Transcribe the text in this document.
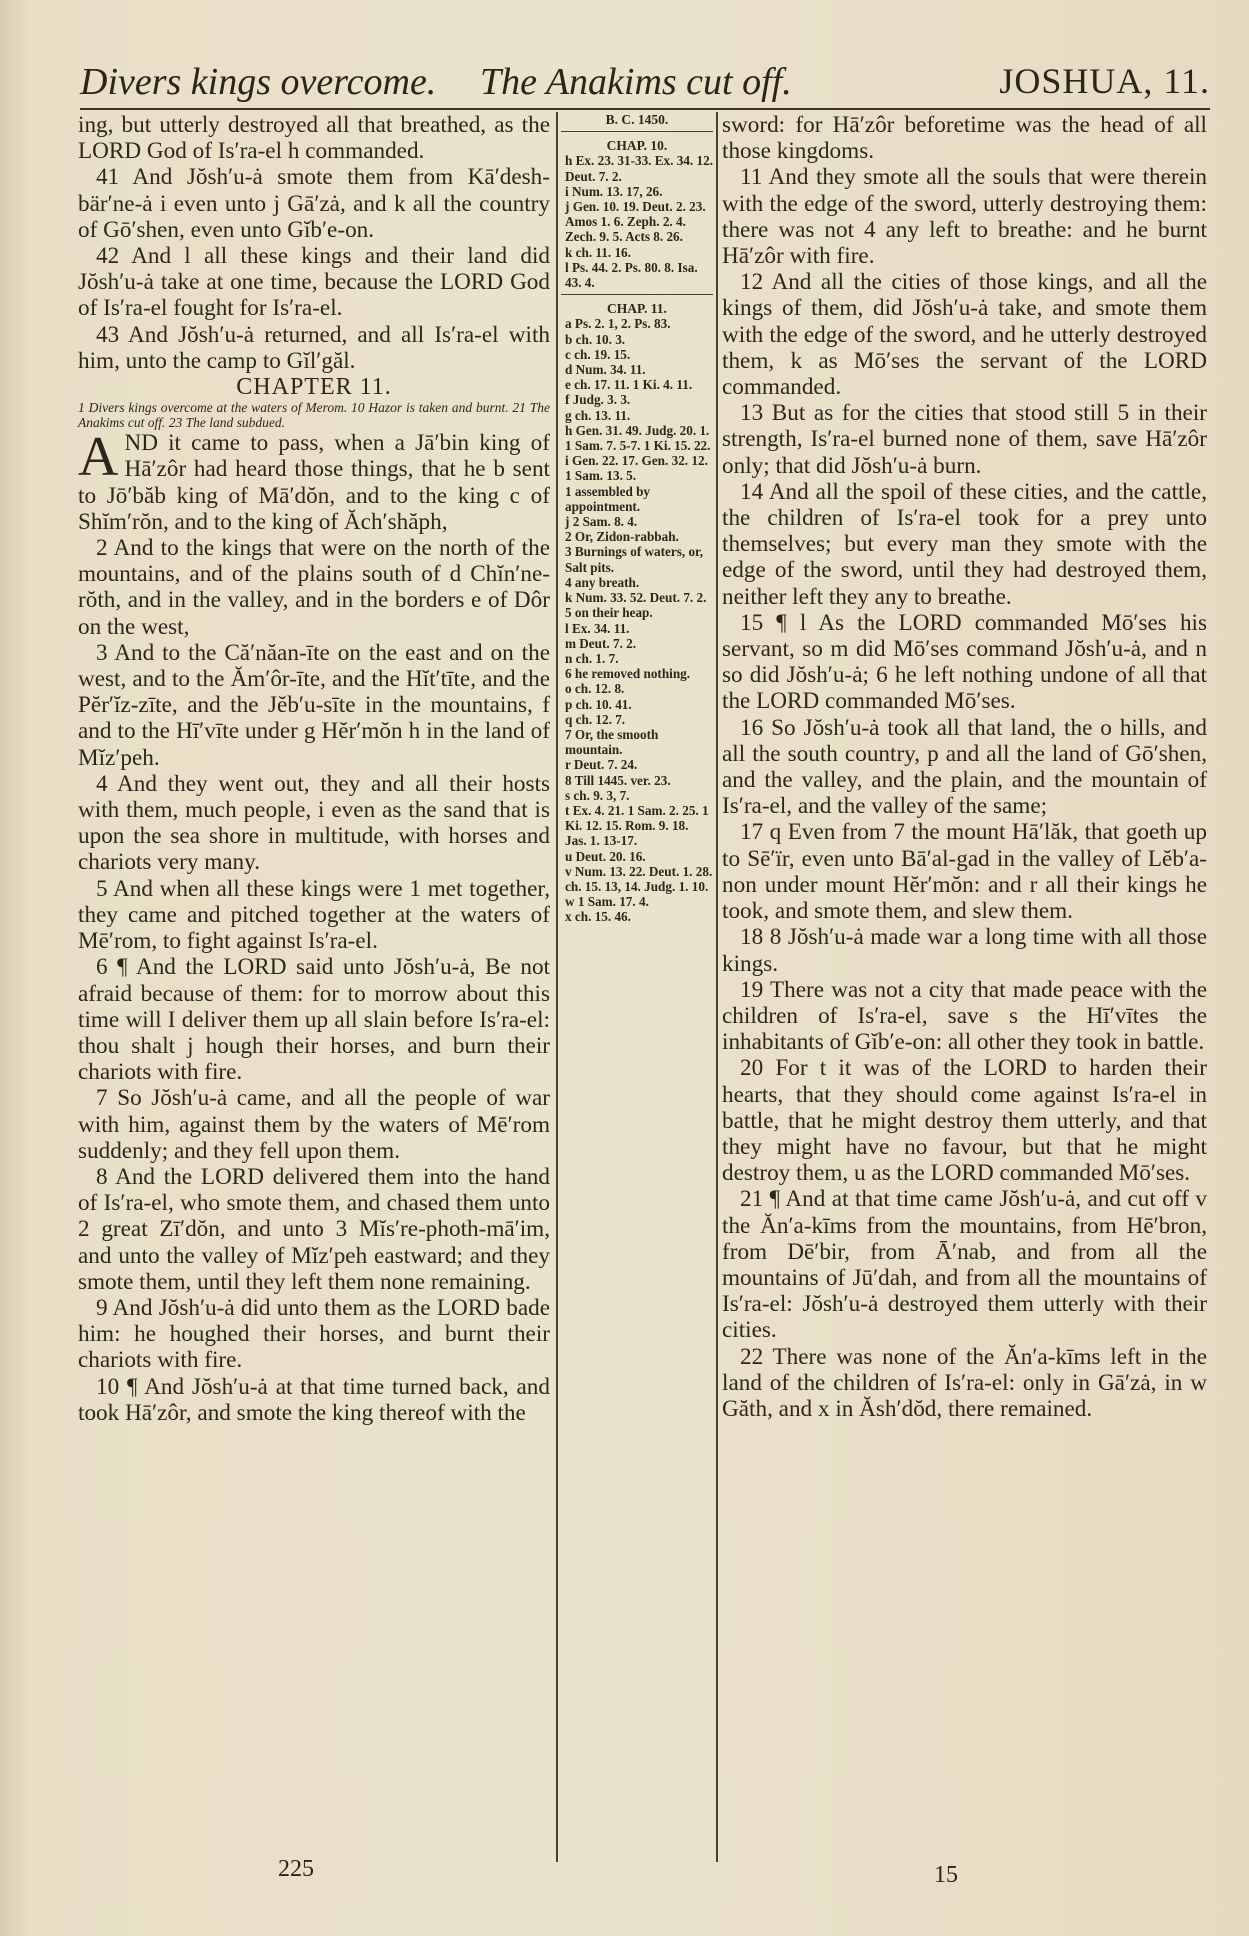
Divers kings overcome. The Anakims cut off.	JOSHUA, 11.

ing, but utterly destroyed all that breathed, as the LORD God of Is′ra-el h commanded.

41 And Jŏsh′u-ȧ smote them from Kā′desh-bär′ne-ȧ i even unto j Gā′zȧ, and k all the country of Gō′shen, even unto Gĭb′e-on.

42 And l all these kings and their land did Jŏsh′u-ȧ take at one time, because the LORD God of Is′ra-el fought for Is′ra-el.

43 And Jŏsh′u-ȧ returned, and all Is′ra-el with him, unto the camp to Gĭl′găl.

CHAPTER 11.

1 Divers kings overcome at the waters of Merom. 10 Hazor is taken and burnt. 21 The Anakims cut off. 23 The land subdued.

AND it came to pass, when a Jā′bin king of Hā′zôr had heard those things, that he b sent to Jō′băb king of Mā′dŏn, and to the king c of Shĭm′rŏn, and to the king of Ăch′shăph,

2 And to the kings that were on the north of the mountains, and of the plains south of d Chĭn′ne-rŏth, and in the valley, and in the borders e of Dôr on the west,

3 And to the Că′năan-īte on the east and on the west, and to the Ăm′ôr-īte, and the Hĭt′tīte, and the Pĕr′ĭz-zīte, and the Jĕb′u-sīte in the mountains, f and to the Hī′vīte under g Hĕr′mŏn h in the land of Mĭz′peh.

4 And they went out, they and all their hosts with them, much people, i even as the sand that is upon the sea shore in multitude, with horses and chariots very many.

5 And when all these kings were 1 met together, they came and pitched together at the waters of Mē′rom, to fight against Is′ra-el.

6 ¶ And the LORD said unto Jŏsh′u-ȧ, Be not afraid because of them: for to morrow about this time will I deliver them up all slain before Is′ra-el: thou shalt j hough their horses, and burn their chariots with fire.

7 So Jŏsh′u-ȧ came, and all the people of war with him, against them by the waters of Mē′rom suddenly; and they fell upon them.

8 And the LORD delivered them into the hand of Is′ra-el, who smote them, and chased them unto 2 great Zī′dŏn, and unto 3 Mĭs′re-photh-mā′im, and unto the valley of Mĭz′peh eastward; and they smote them, until they left them none remaining.

9 And Jŏsh′u-ȧ did unto them as the LORD bade him: he houghed their horses, and burnt their chariots with fire.

10 ¶ And Jŏsh′u-ȧ at that time turned back, and took Hā′zôr, and smote the king thereof with the

B. C. 1450.

CHAP. 10.

h Ex. 23. 31-33. Ex. 34. 12. Deut. 7. 2.

i Num. 13. 17, 26.

j Gen. 10. 19. Deut. 2. 23. Amos 1. 6. Zeph. 2. 4. Zech. 9. 5. Acts 8. 26.

k ch. 11. 16.

l Ps. 44. 2. Ps. 80. 8. Isa. 43. 4.

CHAP. 11.

a Ps. 2. 1, 2. Ps. 83.

b ch. 10. 3.

c ch. 19. 15.

d Num. 34. 11.

e ch. 17. 11. 1 Ki. 4. 11.

f Judg. 3. 3.

g ch. 13. 11.

h Gen. 31. 49. Judg. 20. 1. 1 Sam. 7. 5-7. 1 Ki. 15. 22.

i Gen. 22. 17. Gen. 32. 12. 1 Sam. 13. 5.

1 assembled by appointment.

j 2 Sam. 8. 4.

2 Or, Zidon-rabbah.

3 Burnings of waters, or, Salt pits.

4 any breath.

k Num. 33. 52. Deut. 7. 2.

5 on their heap.

l Ex. 34. 11.

m Deut. 7. 2.

n ch. 1. 7.

6 he removed nothing.

o ch. 12. 8.

p ch. 10. 41.

q ch. 12. 7.

7 Or, the smooth mountain.

r Deut. 7. 24.

8 Till 1445. ver. 23.

s ch. 9. 3, 7.

t Ex. 4. 21. 1 Sam. 2. 25. 1 Ki. 12. 15. Rom. 9. 18. Jas. 1. 13-17.

u Deut. 20. 16.

v Num. 13. 22. Deut. 1. 28. ch. 15. 13, 14. Judg. 1. 10.

w 1 Sam. 17. 4.

x ch. 15. 46.

sword: for Hā′zôr beforetime was the head of all those kingdoms.

11 And they smote all the souls that were therein with the edge of the sword, utterly destroying them: there was not 4 any left to breathe: and he burnt Hā′zôr with fire.

12 And all the cities of those kings, and all the kings of them, did Jŏsh′u-ȧ take, and smote them with the edge of the sword, and he utterly destroyed them, k as Mō′ses the servant of the LORD commanded.

13 But as for the cities that stood still 5 in their strength, Is′ra-el burned none of them, save Hā′zôr only; that did Jŏsh′u-ȧ burn.

14 And all the spoil of these cities, and the cattle, the children of Is′ra-el took for a prey unto themselves; but every man they smote with the edge of the sword, until they had destroyed them, neither left they any to breathe.

15 ¶ l As the LORD commanded Mō′ses his servant, so m did Mō′ses command Jŏsh′u-ȧ, and n so did Jŏsh′u-ȧ; 6 he left nothing undone of all that the LORD commanded Mō′ses.

16 So Jŏsh′u-ȧ took all that land, the o hills, and all the south country, p and all the land of Gō′shen, and the valley, and the plain, and the mountain of Is′ra-el, and the valley of the same;

17 q Even from 7 the mount Hā′lăk, that goeth up to Sē′ïr, even unto Bā′al-gad in the valley of Lĕb′a-non under mount Hĕr′mŏn: and r all their kings he took, and smote them, and slew them.

18 8 Jŏsh′u-ȧ made war a long time with all those kings.

19 There was not a city that made peace with the children of Is′ra-el, save s the Hī′vītes the inhabitants of Gĭb′e-on: all other they took in battle.

20 For t it was of the LORD to harden their hearts, that they should come against Is′ra-el in battle, that he might destroy them utterly, and that they might have no favour, but that he might destroy them, u as the LORD commanded Mō′ses.

21 ¶ And at that time came Jŏsh′u-ȧ, and cut off v the Ăn′a-kīms from the mountains, from Hē′bron, from Dē′bir, from Ā′nab, and from all the mountains of Jū′dah, and from all the mountains of Is′ra-el: Jŏsh′u-ȧ destroyed them utterly with their cities.

22 There was none of the Ăn′a-kīms left in the land of the children of Is′ra-el: only in Gā′zȧ, in w Găth, and x in Ăsh′dŏd, there remained.

225	15
